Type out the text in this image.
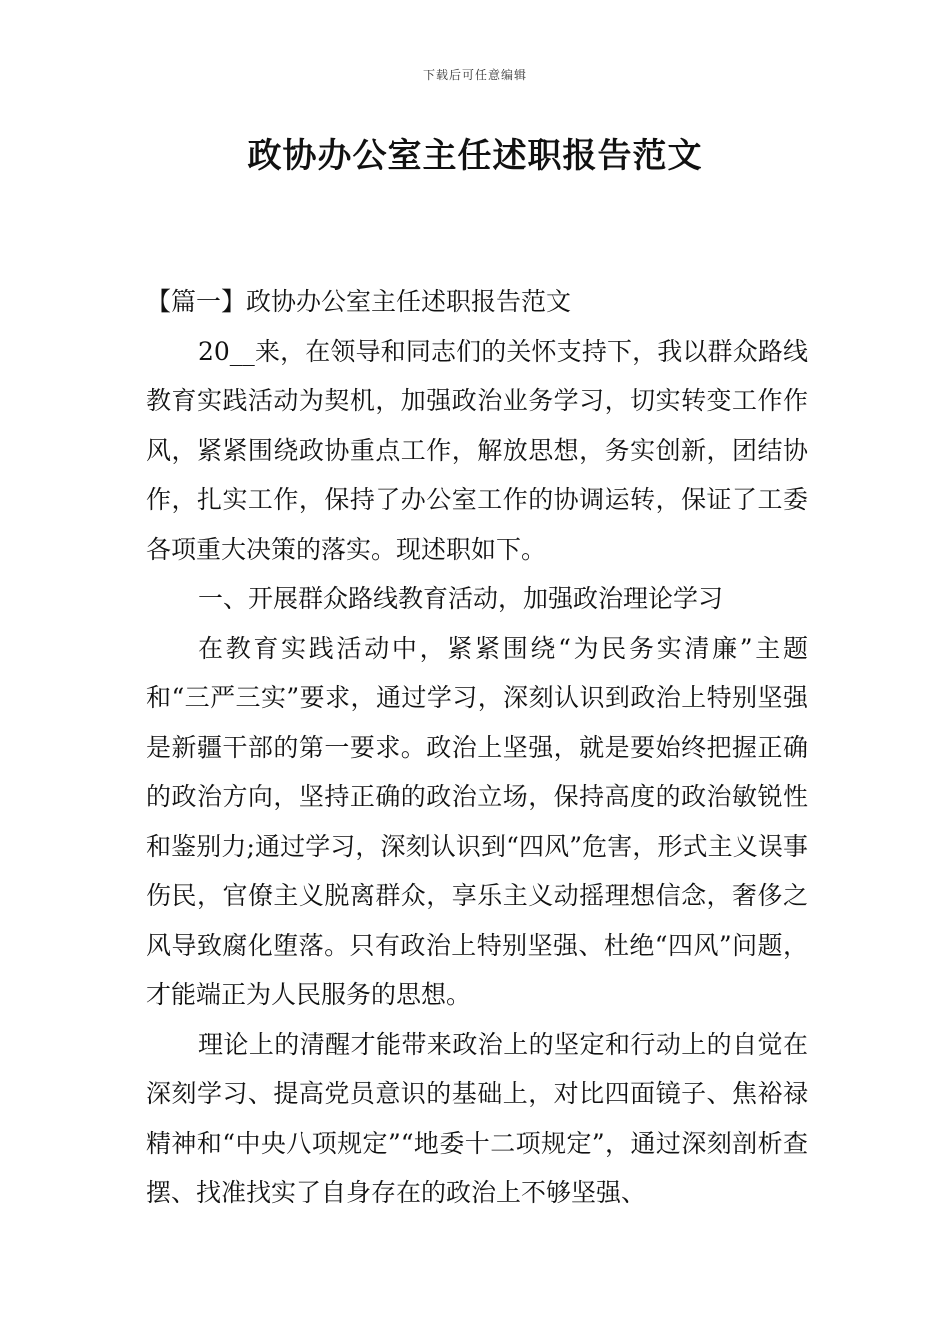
下载后可任意编辑
政协办公室主任述职报告范文

【篇一】政协办公室主任述职报告范文

20__来，在领导和同志们的关怀支持下，我以群众路线教育实践活动为契机，加强政治业务学习，切实转变工作作风，紧紧围绕政协重点工作，解放思想，务实创新，团结协作，扎实工作，保持了办公室工作的协调运转，保证了工委各项重大决策的落实。现述职如下。

一、开展群众路线教育活动，加强政治理论学习

在教育实践活动中，紧紧围绕“为民务实清廉”主题和“三严三实”要求，通过学习，深刻认识到政治上特别坚强是新疆干部的第一要求。政治上坚强，就是要始终把握正确的政治方向，坚持正确的政治立场，保持高度的政治敏锐性和鉴别力;通过学习，深刻认识到“四风”危害，形式主义误事伤民，官僚主义脱离群众，享乐主义动摇理想信念，奢侈之风导致腐化堕落。只有政治上特别坚强、杜绝“四风”问题，才能端正为人民服务的思想。

理论上的清醒才能带来政治上的坚定和行动上的自觉在深刻学习、提高党员意识的基础上，对比四面镜子、焦裕禄精神和“中央八项规定”“地委十二项规定”，通过深刻剖析查摆、找准找实了自身存在的政治上不够坚强、
